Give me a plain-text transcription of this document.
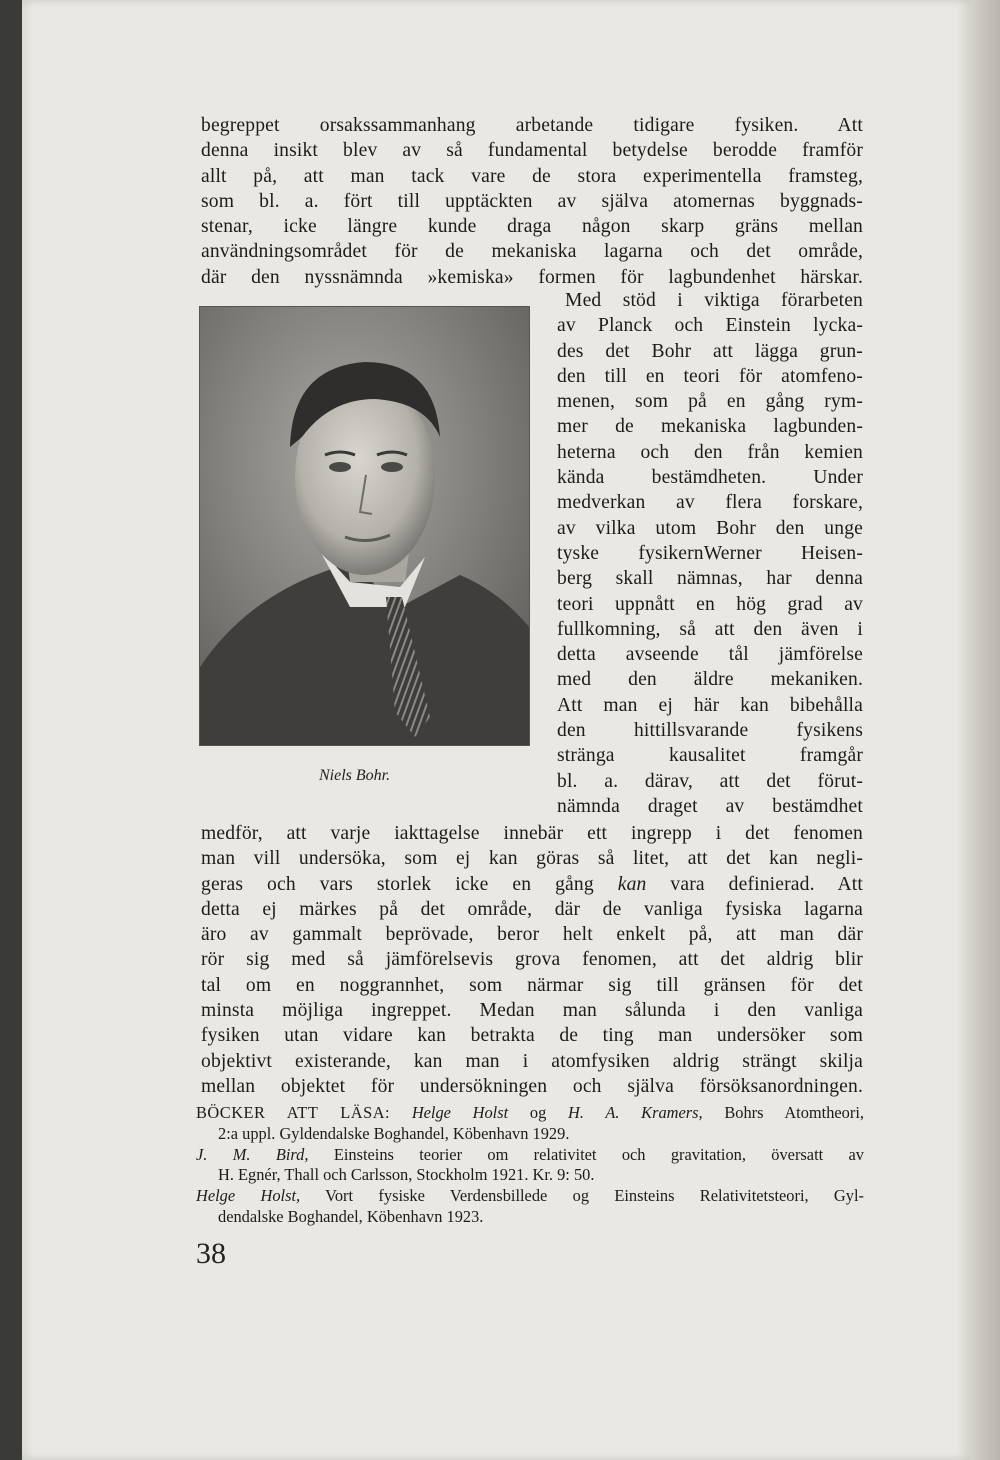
begreppet orsakssammanhang arbetande tidigare fysiken. Att
denna insikt blev av så fundamental betydelse berodde framför
allt på, att man tack vare de stora experimentella framsteg,
som bl. a. fört till upptäckten av själva atomernas byggnads-
stenar, icke längre kunde draga någon skarp gräns mellan
användningsområdet för de mekaniska lagarna och det område,
där den nyssnämnda »kemiska» formen för lagbundenhet härskar.
Niels Bohr.
Med stöd i viktiga förarbeten
av Planck och Einstein lycka-
des det Bohr att lägga grun-
den till en teori för atomfeno-
menen, som på en gång rym-
mer de mekaniska lagbunden-
heterna och den från kemien
kända bestämdheten. Under
medverkan av flera forskare,
av vilka utom Bohr den unge
tyske fysikernWerner Heisen-
berg skall nämnas, har denna
teori uppnått en hög grad av
fullkomning, så att den även i
detta avseende tål jämförelse
med den äldre mekaniken.
Att man ej här kan bibehålla
den hittillsvarande fysikens
stränga kausalitet framgår
bl. a. därav, att det förut-
nämnda draget av bestämdhet
medför, att varje iakttagelse innebär ett ingrepp i det fenomen
man vill undersöka, som ej kan göras så litet, att det kan negli-
geras och vars storlek icke en gång kan vara definierad. Att
detta ej märkes på det område, där de vanliga fysiska lagarna
äro av gammalt beprövade, beror helt enkelt på, att man där
rör sig med så jämförelsevis grova fenomen, att det aldrig blir
tal om en noggrannhet, som närmar sig till gränsen för det
minsta möjliga ingreppet. Medan man sålunda i den vanliga
fysiken utan vidare kan betrakta de ting man undersöker som
objektivt existerande, kan man i atomfysiken aldrig strängt skilja
mellan objektet för undersökningen och själva försöksanordningen.
BÖCKER ATT LÄSA: Helge Holst og H. A. Kramers, Bohrs Atomtheori,
2:a uppl. Gyldendalske Boghandel, Köbenhavn 1929.
J. M. Bird, Einsteins teorier om relativitet och gravitation, översatt av
H. Egnér, Thall och Carlsson, Stockholm 1921. Kr. 9: 50.
Helge Holst, Vort fysiske Verdensbillede og Einsteins Relativitetsteori, Gyl-
dendalske Boghandel, Köbenhavn 1923.
38
